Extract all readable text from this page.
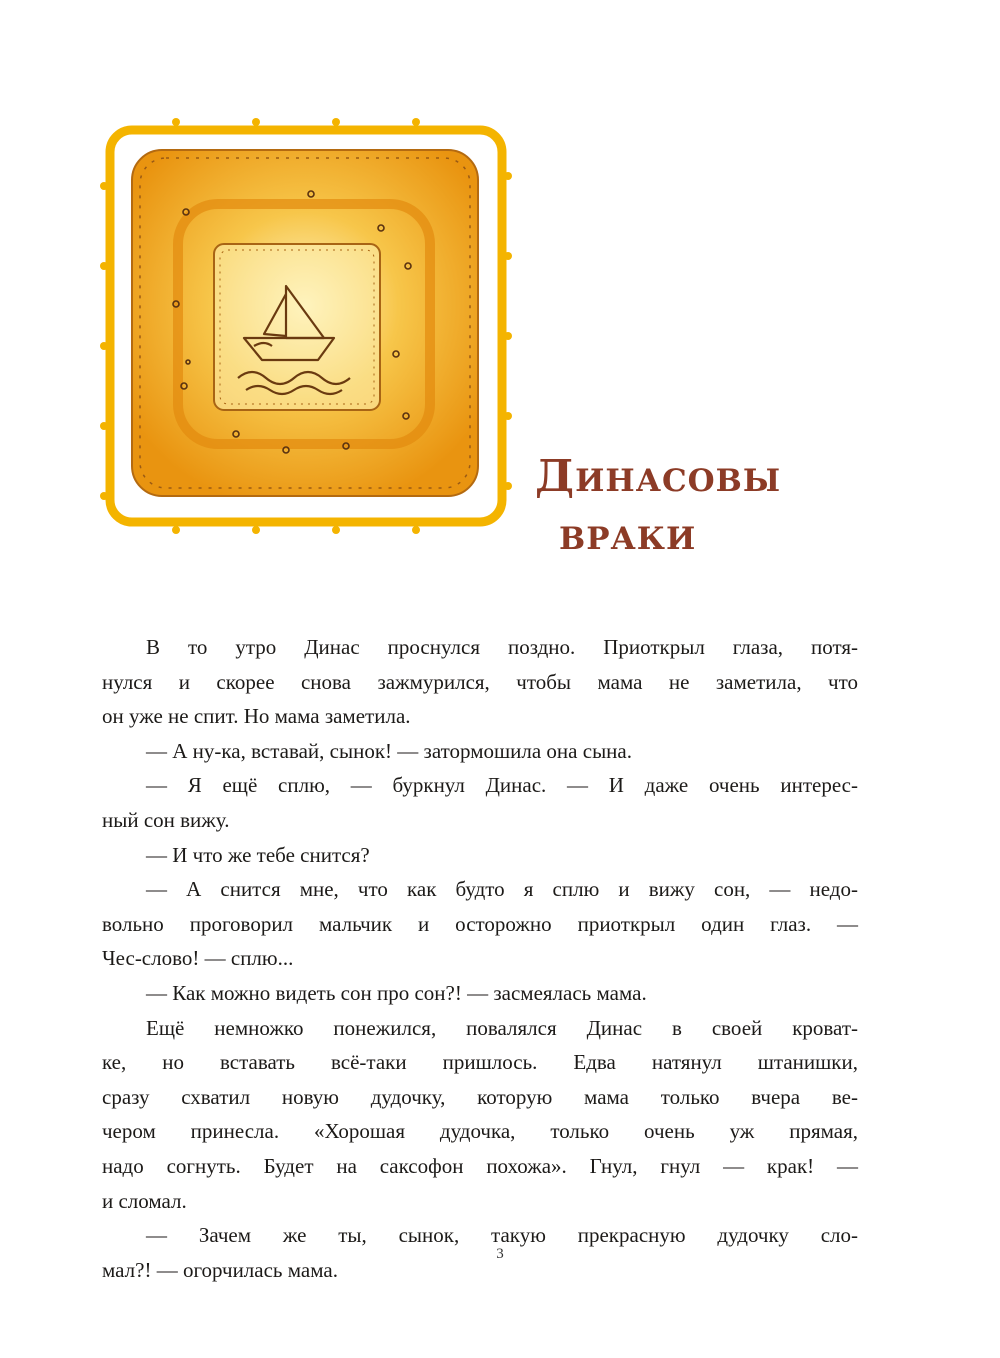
Динасовы
враки
В то утро Динас проснулся поздно. Приоткрыл глаза, потя-
нулся и скорее снова зажмурился, чтобы мама не заметила, что
он уже не спит. Но мама заметила.
— А ну-ка, вставай, сынок! — затормошила она сына.
— Я ещё сплю, — буркнул Динас. — И даже очень интерес-
ный сон вижу.
— И что же тебе снится?
— А снится мне, что как будто я сплю и вижу сон, — недо-
вольно проговорил мальчик и осторожно приоткрыл один глаз. —
Чес-слово! — сплю...
— Как можно видеть сон про сон?! — засмеялась мама.
Ещё немножко понежился, повалялся Динас в своей кроват-
ке, но вставать всё-таки пришлось. Едва натянул штанишки,
сразу схватил новую дудочку, которую мама только вчера ве-
чером принесла. «Хорошая дудочка, только очень уж прямая,
надо согнуть. Будет на саксофон похожа». Гнул, гнул — крак! —
и сломал.
— Зачем же ты, сынок, такую прекрасную дудочку сло-
мал?! — огорчилась мама.
3
